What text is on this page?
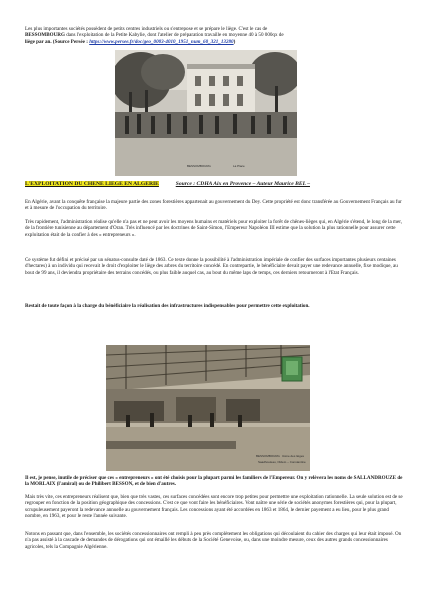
Les plus importantes sociétés possèdent de petits centres industriels ou s'entrepose et se prépare le liège. C'est le cas de

BESSOMBOURG dans l'exploitation de la Petite Kabylie, dont l'atelier de préparation travaille en moyenne 40 à 50 000qx de

liège par an. (Source Persée : https://www.persee.fr/doc/geo_0003-4010_1951_num_60_321_13280)

BESSOMBOURG	La Place

L'EXPLOITATION DU CHENE LIEGE EN ALGERIE	Source : CDHA Aix en Provence – Auteur Maurice BEL –

En Algérie, avant la conquête française la majeure partie des zones forestières appartenait au gouvernement du Dey. Cette propriété est donc transférée au Gouvernement Français au fur et à mesure de l'occupation du territoire.

Très rapidement, l'administration réalise qu'elle n'a pas et ne peut avoir les moyens humains et matériels pour exploiter la forêt de chênes-lièges qui, en Algérie s'étend, le long de la mer, de la frontière tunisienne au département d'Oran. Très influencé par les doctrines de Saint-Simon, l'Empereur Napoléon III estime que la solution la plus rationnelle pour assurer cette exploitation était de la confier à des « entrepreneurs ».

Ce système fut défini et précisé par un sénatus-consulte daté de 1863. Ce texte donne la possibilité à l'administration impériale de confier des surfaces importantes plusieurs centaines d'hectares) à un individu qui recevait le droit d'exploiter le liège des arbres du territoire concédé. En contrepartie, le bénéficiaire devait payer une redevance annuelle, fixe modique, au bout de 99 ans, il deviendra propriétaire des terrains concédés, ou plus faible auquel cas, au bout du même laps de temps, ces derniers retourneront à l'Etat Français.

Restait de toute façon à la charge du bénéficiaire la réalisation des infrastructures indispensables pour permettre cette exploitation.

BESSOMBOURG Usine des lièges
Saadhouleau, Oldero – Constantine

Il est, je pense, inutile de préciser que ces « entrepreneurs » ont été choisis pour la plupart parmi les familiers de l'Empereur. On y relèvera les noms de SALLANDROUZE de la MORLAIX (l'amiral) ou de Philibert BESSON, et de bien d'autres.

Mais très vite, ces entrepreneurs réalisent que, bien que très vastes, ces surfaces concédées sont encore trop petites pour permettre une exploitation rationnelle. La seule solution est de se regrouper en fonction de la position géographique des concessions. C'est ce que vont faire les bénéficiaires. Vont naître une série de sociétés anonymes forestières qui, pour la plupart, scrupuleusement payeront la redevance annuelle au gouvernement français. Les concessions ayant été accordées en 1863 et 1864, le dernier payement a eu lieu, pour le plus grand nombre, en 1963, et pour le reste l'année suivante.

Notons en passant que, dans l'ensemble, les sociétés concessionnaires ont rempli à peu près complètement les obligations qui découlaient du cahier des charges qui leur était imposé. On n'a pas assisté à la cascade de demandes de dérogations qui ont émaillé les débuts de la Société Genevoise, ou, dans une moindre mesure, ceux des autres grands concessionnaires agricoles, tels la Compagnie Algérienne.
